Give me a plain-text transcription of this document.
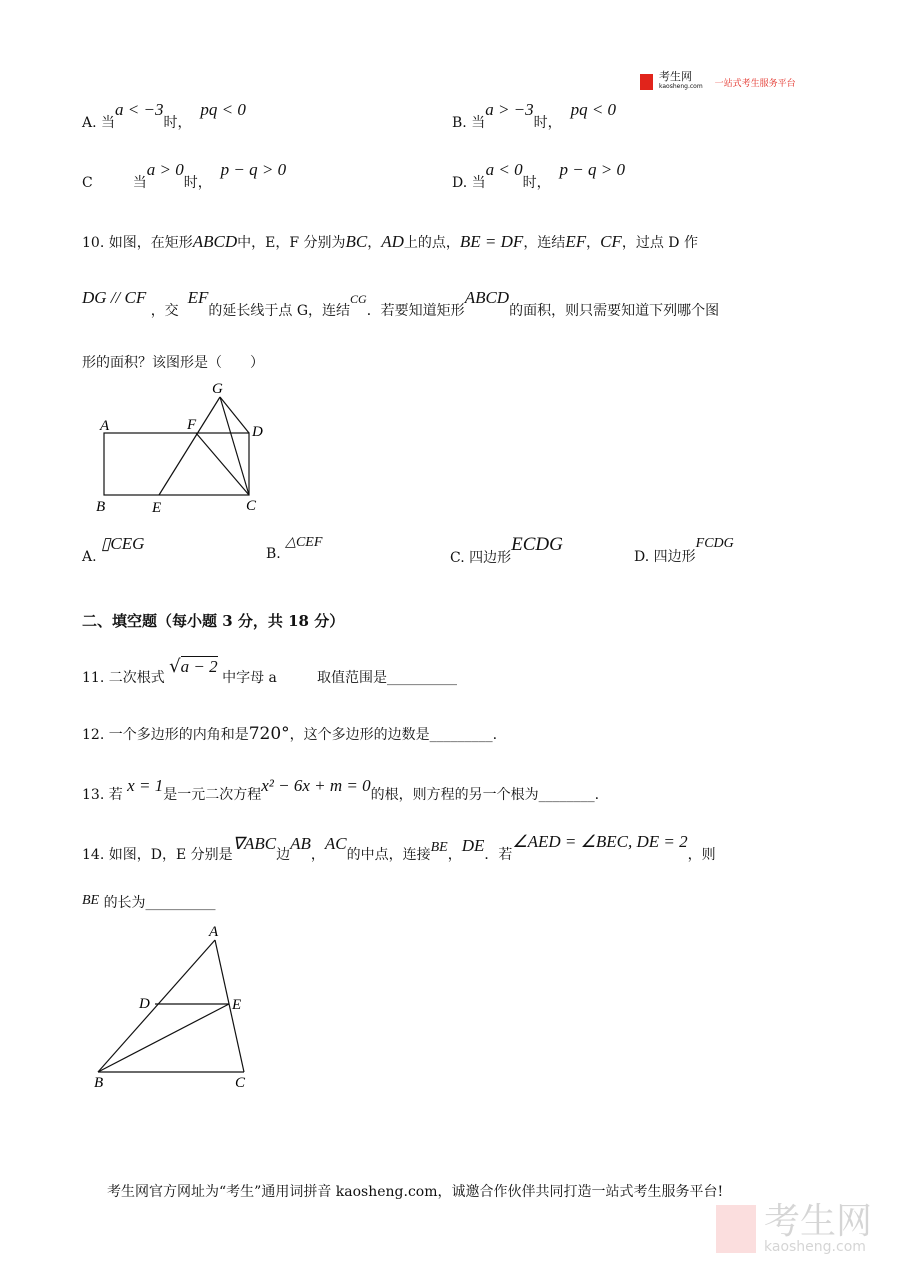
考生网
kaosheng.com 一站式考生服务平台
A. 当a < −3时，  pq < 0
B. 当a > −3时，  pq < 0
C	当a > 0时，  p − q > 0
D. 当a < 0时，  p − q > 0
10. 如图，在矩形ABCD中，E，F 分别为BC，AD上的点，BE = DF，连结EF，CF，过点 D 作
DG // CF ，交  EF的延长线于点 G，连结CG．若要知道矩形ABCD的面积，则只需要知道下列哪个图
形的面积？该图形是（　　）
A
B	C
D
E
F
G
A
B	C
D	E
A. ▯CEG
B. △CEF
C. 四边形ECDG
D. 四边形FCDG
二、填空题（每小题 3 分，共 18 分）
11. 二次根式 √a − 2 中字母 a	取值范围是__________
12. 一个多边形的内角和是720°，这个多边形的边数是_________.
13. 若 x = 1是一元二次方程x² − 6x + m = 0的根，则方程的另一个根为________.
14. 如图，D，E 分别是∇ABC边AB，AC的中点，连接BE，DE．若∠AED = ∠BEC, DE = 2，则
BE 的长为__________
考生网官方网址为“考生”通用词拼音 kaosheng.com，诚邀合作伙伴共同打造一站式考生服务平台!
考生网
kaosheng.com
